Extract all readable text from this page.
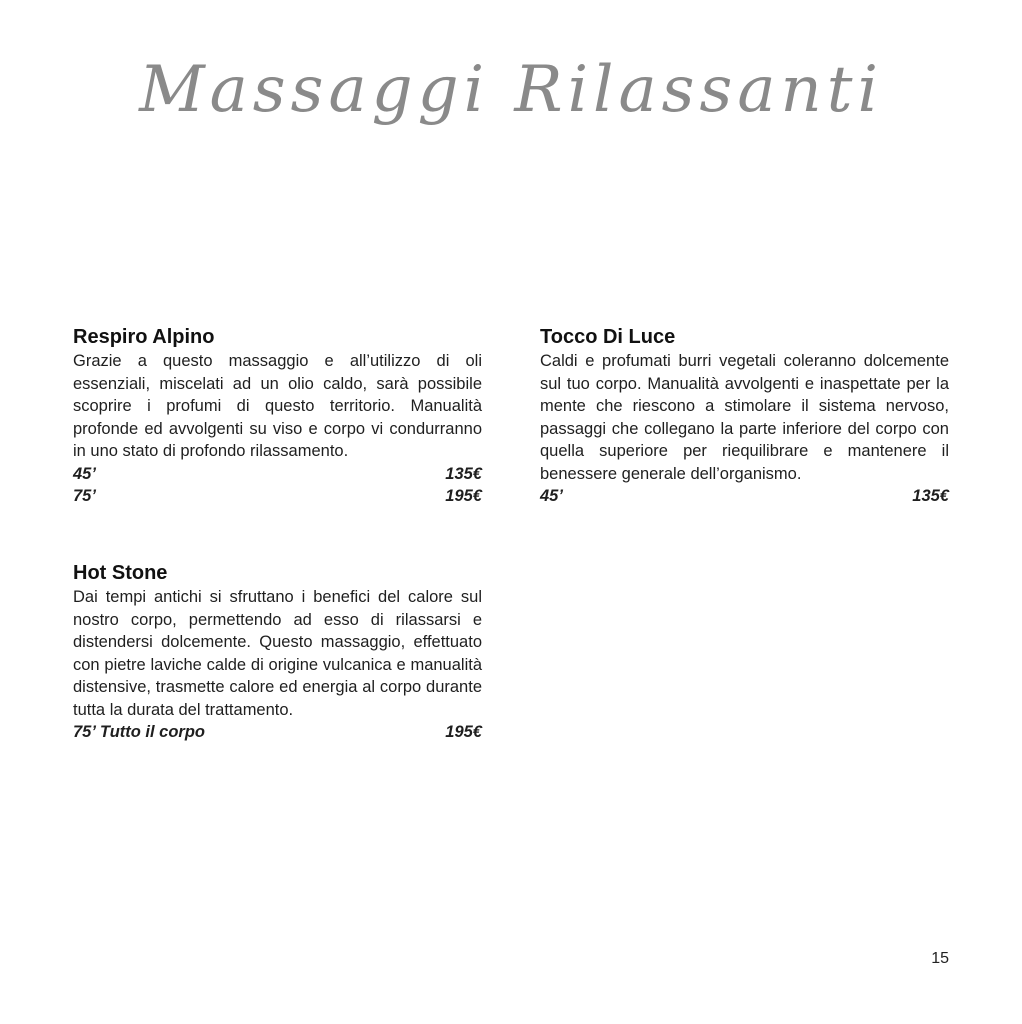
Massaggi Rilassanti
Respiro Alpino

Grazie a questo massaggio e all’utilizzo di oli essenziali, miscelati ad un olio caldo, sarà possibile scoprire i profumi di questo territorio. Manualità profonde ed avvolgenti su viso e corpo vi condurranno in uno stato di profondo rilassamento.

45’	135€
75’	195€
Hot Stone

Dai tempi antichi si sfruttano i benefici del calore sul nostro corpo, permettendo ad esso di rilassarsi e distendersi dolcemente. Questo massaggio, effettuato con pietre laviche calde di origine vulcanica e manualità distensive, trasmette calore ed energia al corpo durante tutta la durata del trattamento.

75’ Tutto il corpo	195€
Tocco Di Luce

Caldi e profumati burri vegetali coleranno dolcemente sul tuo corpo. Manualità avvolgenti e inaspettate per la mente che riescono a stimolare il sistema nervoso, passaggi che collegano la parte inferiore del corpo con quella superiore per riequilibrare e mantenere il benessere generale dell’organismo.

45’	135€
15
